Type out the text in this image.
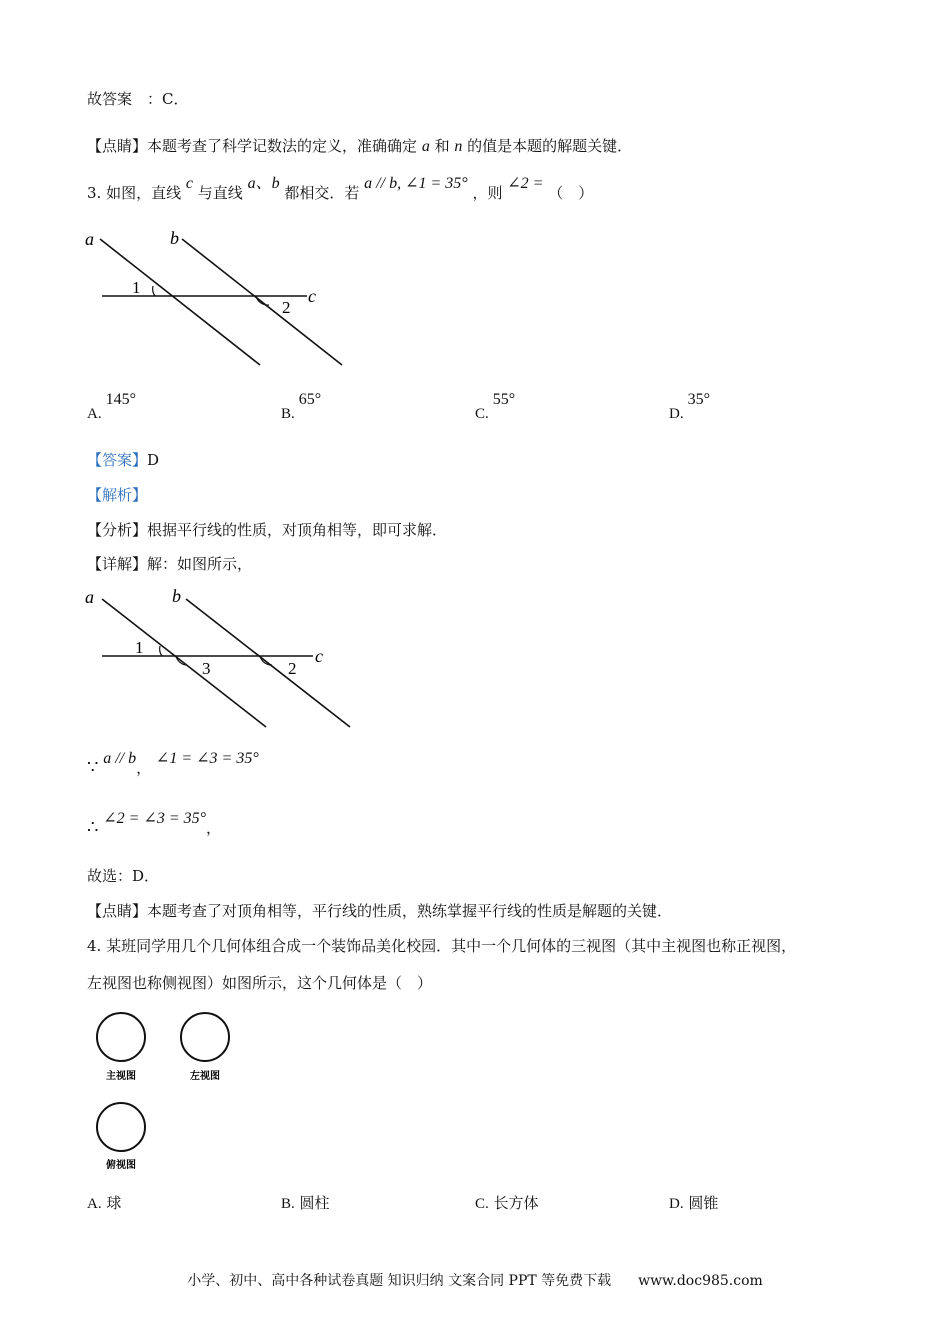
故答案　：C．
【点睛】本题考查了科学记数法的定义，准确确定 a 和 n 的值是本题的解题关键．
3. 如图，直线 c 与直线 a、b 都相交．若 a // b, ∠1 = 35° ，则 ∠2 = （　）
a	b
c
1
2
A.145°
B.65°
C.55°
D.35°
【答案】D
【解析】
【分析】根据平行线的性质，对顶角相等，即可求解．
【详解】解：如图所示，
a	b
c
1
3	2
∵ a // b， ∠1 = ∠3 = 35°
∴ ∠2 = ∠3 = 35°，
故选：D．
【点睛】本题考查了对顶角相等，平行线的性质，熟练掌握平行线的性质是解题的关键．
4. 某班同学用几个几何体组合成一个装饰品美化校园．其中一个几何体的三视图（其中主视图也称正视图，
左视图也称侧视图）如图所示，这个几何体是（　）
主视图	左视图
俯视图
A. 球	B. 圆柱	C. 长方体	D. 圆锥
小学、初中、高中各种试卷真题 知识归纳 文案合同 PPT 等免费下载 www.doc985.com
